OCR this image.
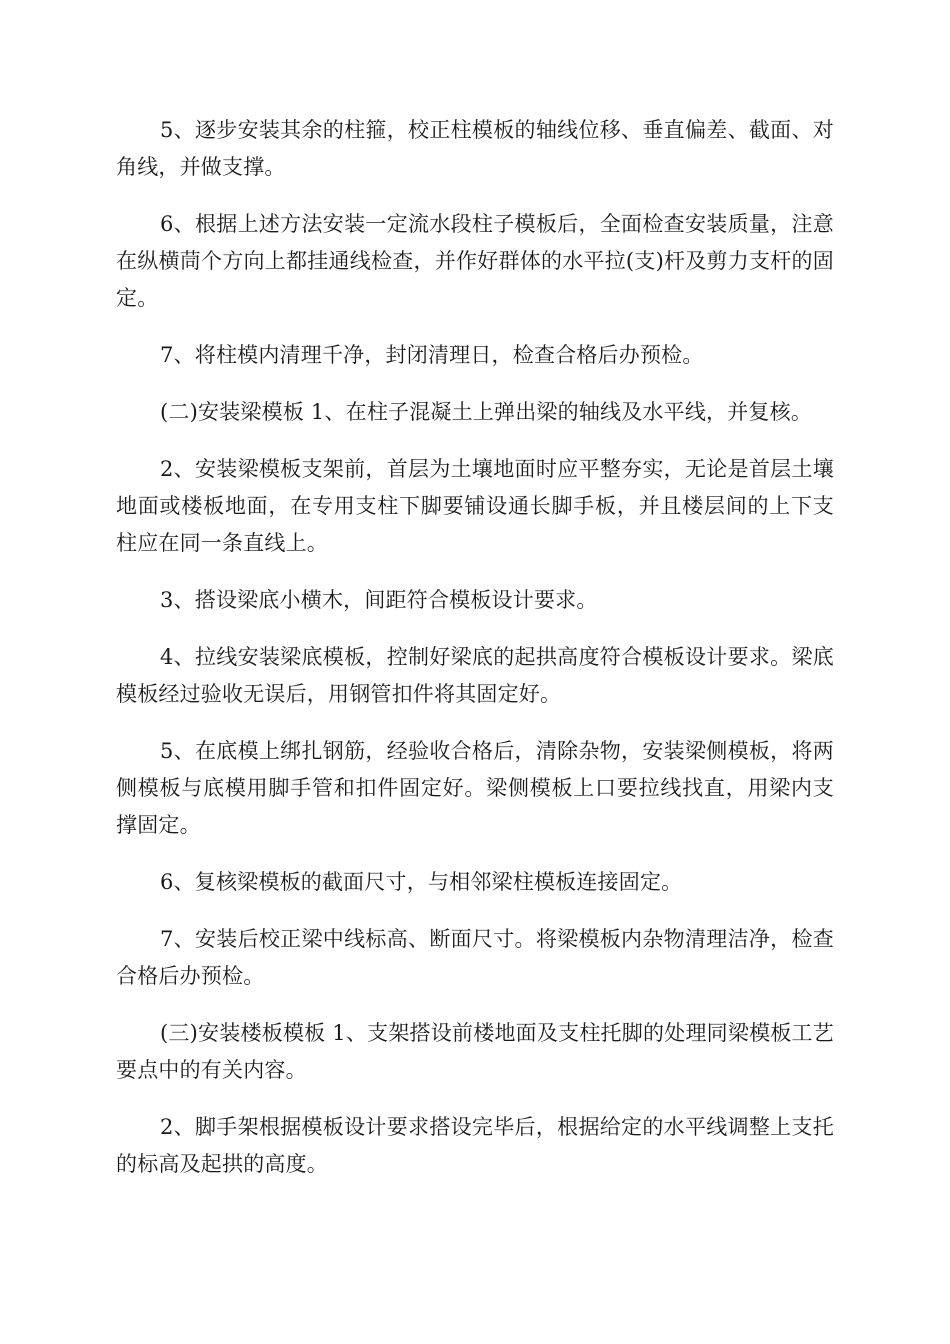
5、逐步安装其余的柱箍，校正柱模板的轴线位移、垂直偏差、截面、对角线，并做支撑。

6、根据上述方法安装一定流水段柱子模板后，全面检查安装质量，注意在纵横茼个方向上都挂通线检查，并作好群体的水平拉(支)杆及剪力支杆的固定。

7、将柱模内清理千净，封闭清理日，检查合格后办预检。

(二)安装梁模板 1、在柱子混凝土上弹出梁的轴线及水平线，并复核。

2、安装梁模板支架前，首层为土壤地面时应平整夯实，无论是首层土壤地面或楼板地面，在专用支柱下脚要铺设通长脚手板，并且楼层间的上下支柱应在同一条直线上。

3、搭设梁底小横木，间距符合模板设计要求。

4、拉线安装梁底模板，控制好梁底的起拱高度符合模板设计要求。梁底模板经过验收无误后，用钢管扣件将其固定好。

5、在底模上绑扎钢筋，经验收合格后，清除杂物，安装梁侧模板，将两侧模板与底模用脚手管和扣件固定好。梁侧模板上口要拉线找直，用梁内支撑固定。

6、复核梁模板的截面尺寸，与相邻梁柱模板连接固定。

7、安装后校正梁中线标高、断面尺寸。将梁模板内杂物清理洁净，检查合格后办预检。

(三)安装楼板模板 1、支架搭设前楼地面及支柱托脚的处理同梁模板工艺要点中的有关内容。

2、脚手架根据模板设计要求搭设完毕后，根据给定的水平线调整上支托的标高及起拱的高度。
